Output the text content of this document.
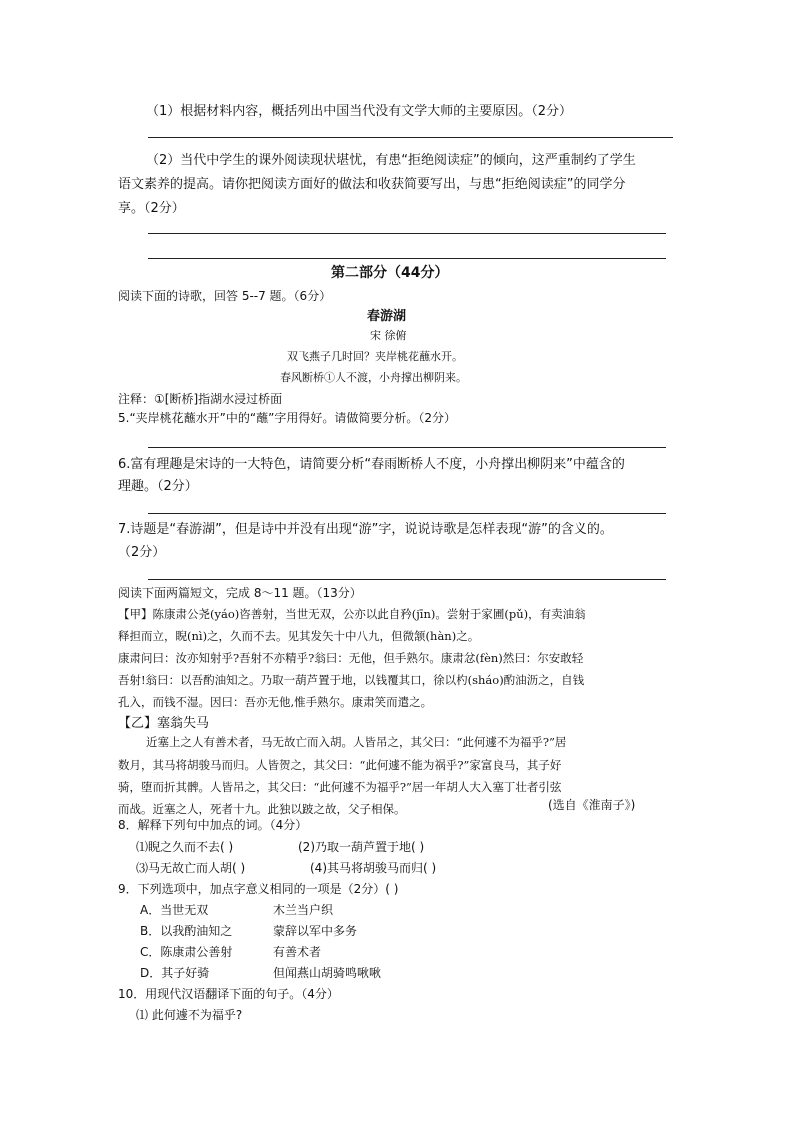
（1）根据材料内容，概括列出中国当代没有文学大师的主要原因。（2分）
（2）当代中学生的课外阅读现状堪忧，有患“拒绝阅读症”的倾向，这严重制约了学生
语文素养的提高。请你把阅读方面好的做法和收获简要写出，与患“拒绝阅读症”的同学分
享。（2分）
第二部分（44分）
阅读下面的诗歌，回答 5--7 题。（6分）
春游湖
宋 徐俯
双飞燕子几时回？夹岸桃花蘸水开。
春风断桥①人不渡，小舟撑出柳阴来。
注释：①[断桥]指湖水浸过桥面
5.“夹岸桃花蘸水开”中的“蘸”字用得好。请做简要分析。（2分）
6.富有理趣是宋诗的一大特色，请简要分析“春雨断桥人不度，小舟撑出柳阴来”中蕴含的
理趣。（2分）
7.诗题是“春游湖”，但是诗中并没有出现“游”字，说说诗歌是怎样表现“游”的含义的。
（2分）
阅读下面两篇短文，完成 8～11 题。（13分）
【甲】陈康肃公尧(yáo)咨善射，当世无双，公亦以此自矜(jīn)。尝射于家圃(pǔ)，有卖油翁
释担而立，睨(nì)之，久而不去。见其发矢十中八九，但微颔(hàn)之。
康肃问曰：汝亦知射乎?吾射不亦精乎?翁曰：无他，但手熟尔。康肃忿(fèn)然曰：尔安敢轻
吾射!翁曰：以吾酌油知之。乃取一葫芦置于地，以钱覆其口，徐以杓(sháo)酌油沥之，自钱
孔入，而钱不湿。因曰：吾亦无他,惟手熟尔。康肃笑而遣之。
【乙】塞翁失马
近塞上之人有善术者，马无故亡而入胡。人皆吊之，其父曰：“此何遽不为福乎?”居
数月，其马将胡骏马而归。人皆贺之，其父曰：“此何遽不能为祸乎?”家富良马，其子好
骑，堕而折其髀。人皆吊之，其父曰：“此何遽不为福乎?”居一年胡人大入塞丁壮者引弦
而战。近塞之人，死者十九。此独以跛之故，父子相保。	(选自《淮南子》)
8．解释下列句中加点的词。（4分）
⑴睨之久而不去( )	(2)乃取一葫芦置于地( )
⑶马无故亡而人胡( )	(4)其马将胡骏马而归( )
9．下列选项中，加点字意义相同的一项是（2分）( )
A．当世无双	木兰当户织
B．以我酌油知之	蒙辞以军中多务
C．陈康肃公善射	有善术者
D．其子好骑	但闻燕山胡骑鸣啾啾
10．用现代汉语翻译下面的句子。（4分）
⑴ 此何遽不为福乎?
